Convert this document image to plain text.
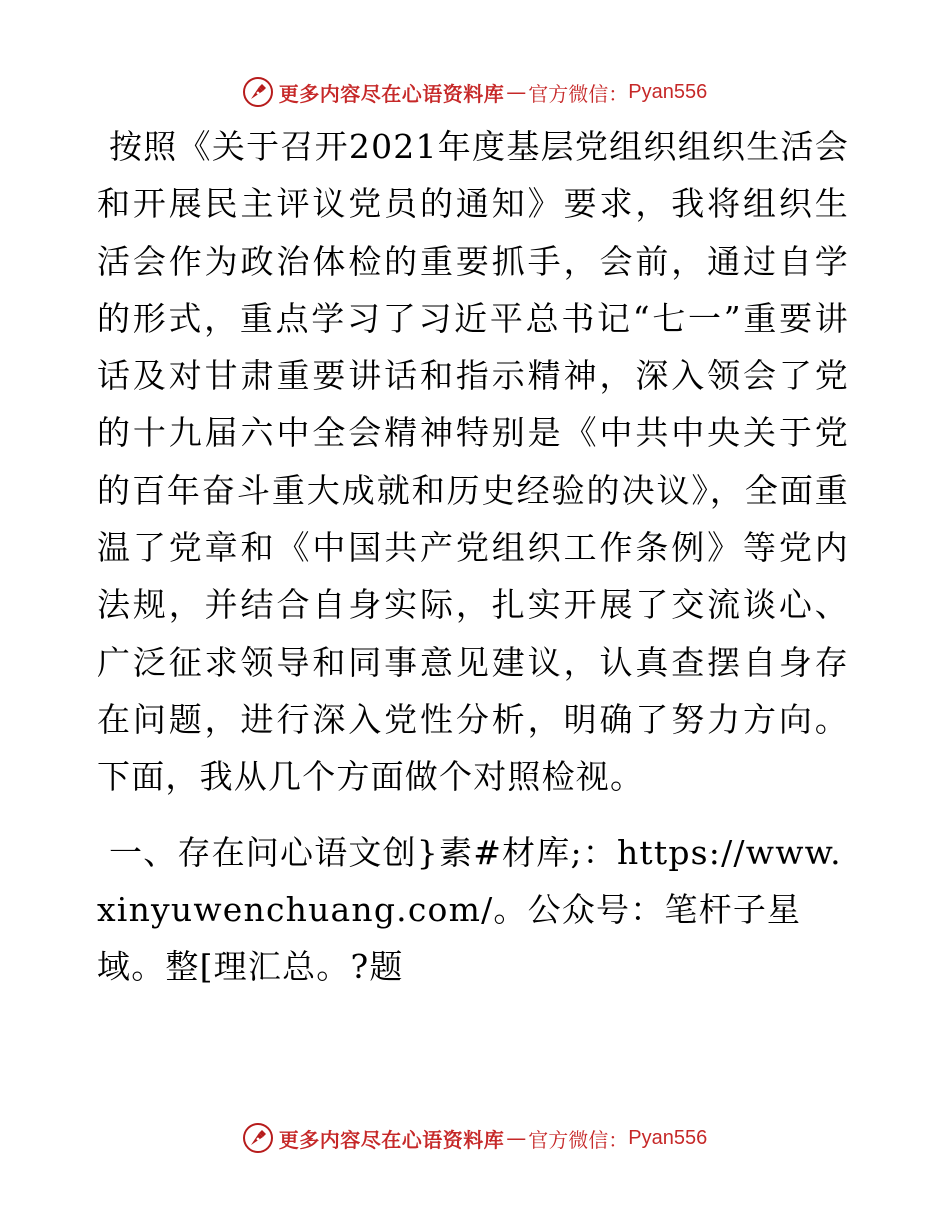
更多内容尽在心语资料库 — 官方微信： Pyan556

按照《关于召开2021年度基层党组织组织生活会和开展民主评议党员的通知》要求，我将组织生活会作为政治体检的重要抓手，会前，通过自学的形式，重点学习了习近平总书记“七一”重要讲话及对甘肃重要讲话和指示精神，深入领会了党的十九届六中全会精神特别是《中共中央关于党的百年奋斗重大成就和历史经验的决议》，全面重温了党章和《中国共产党组织工作条例》等党内法规，并结合自身实际，扎实开展了交流谈心、广泛征求领导和同事意见建议，认真查摆自身存在问题，进行深入党性分析，明确了努力方向。下面，我从几个方面做个对照检视。

一、存在问心语文创}素#材库;：https://www.xinyuwenchuang.com/。公众号：笔杆子星域。整[理汇总。?题

更多内容尽在心语资料库 — 官方微信： Pyan556
